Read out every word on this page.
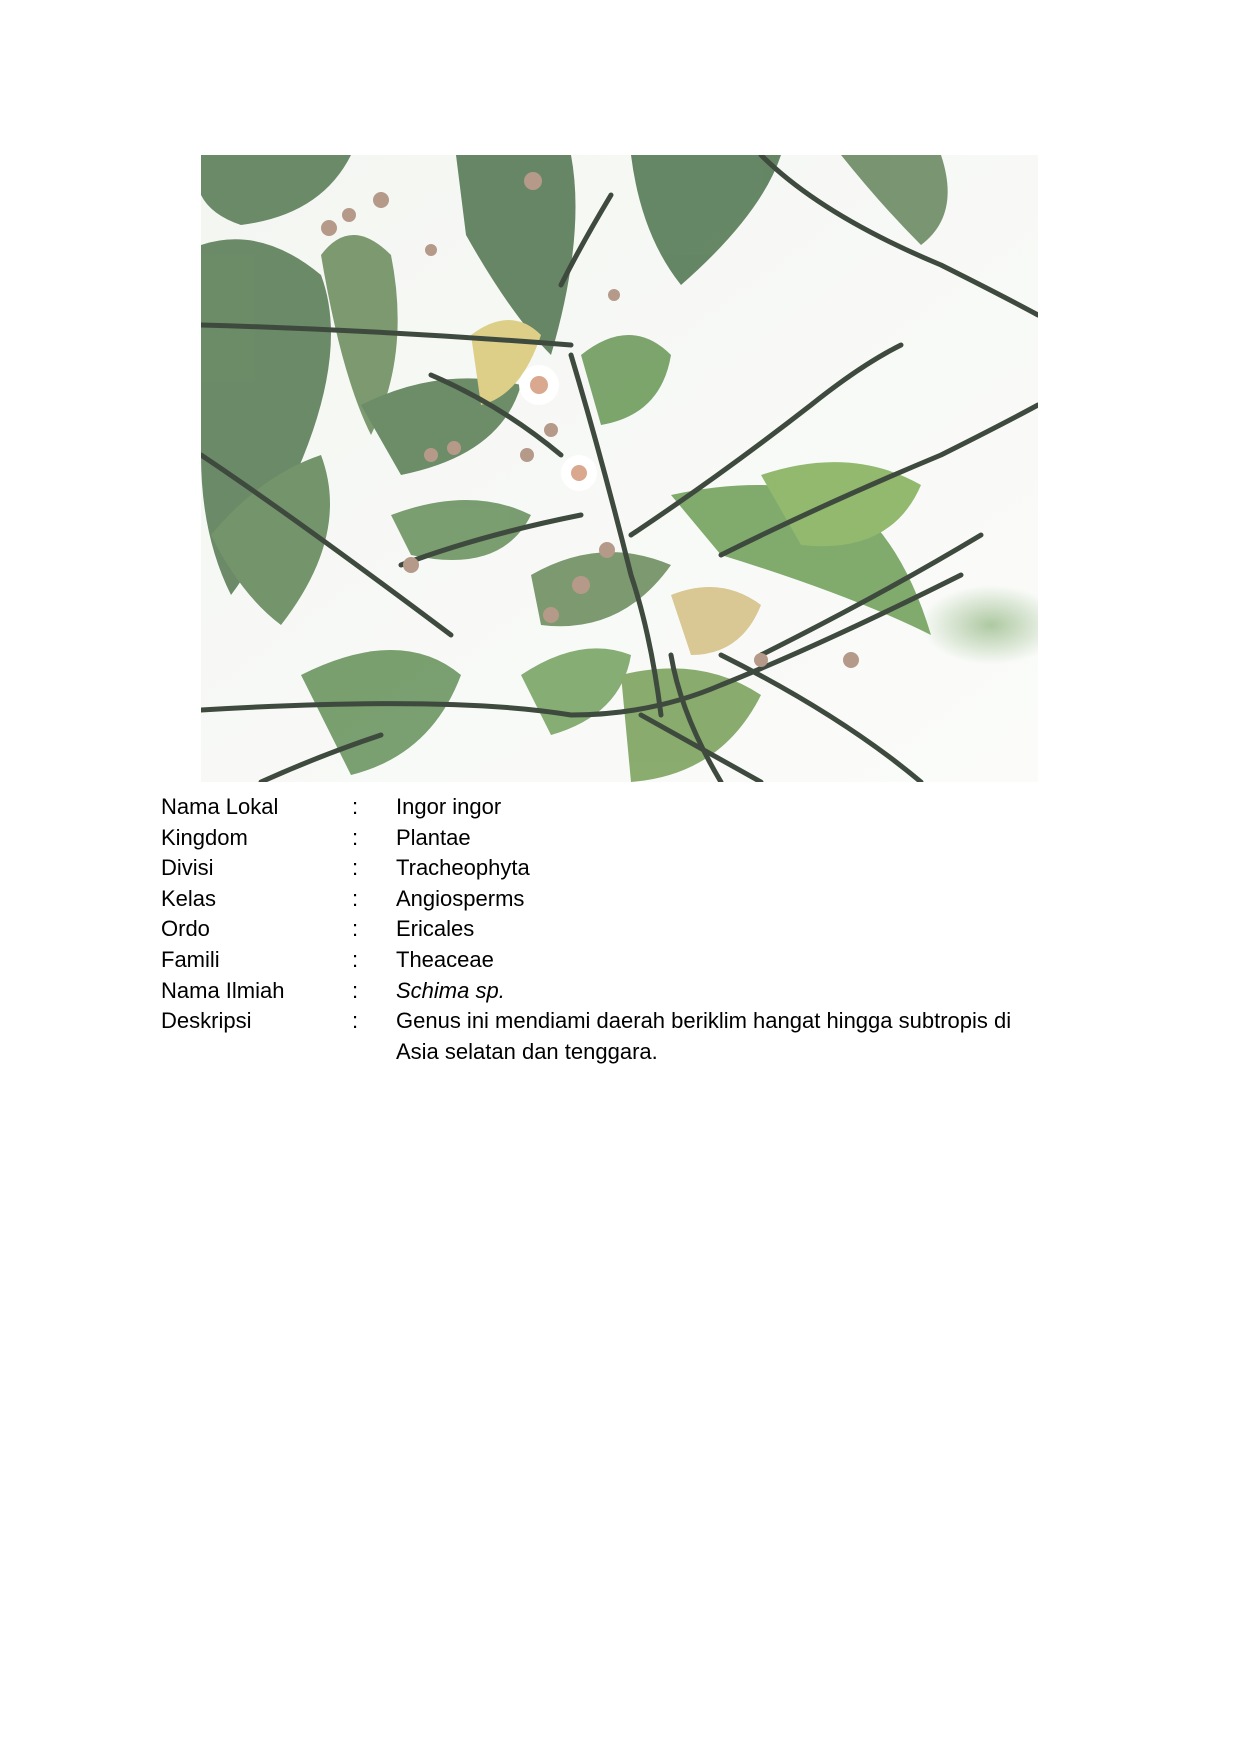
Nama Lokal	:	Ingor ingor
Kingdom	:	Plantae
Divisi	:	Tracheophyta
Kelas	:	Angiosperms
Ordo	:	Ericales
Famili	:	Theaceae
Nama Ilmiah	:	Schima sp.
Deskripsi	:	Genus ini mendiami daerah beriklim hangat hingga subtropis di Asia selatan dan tenggara.
